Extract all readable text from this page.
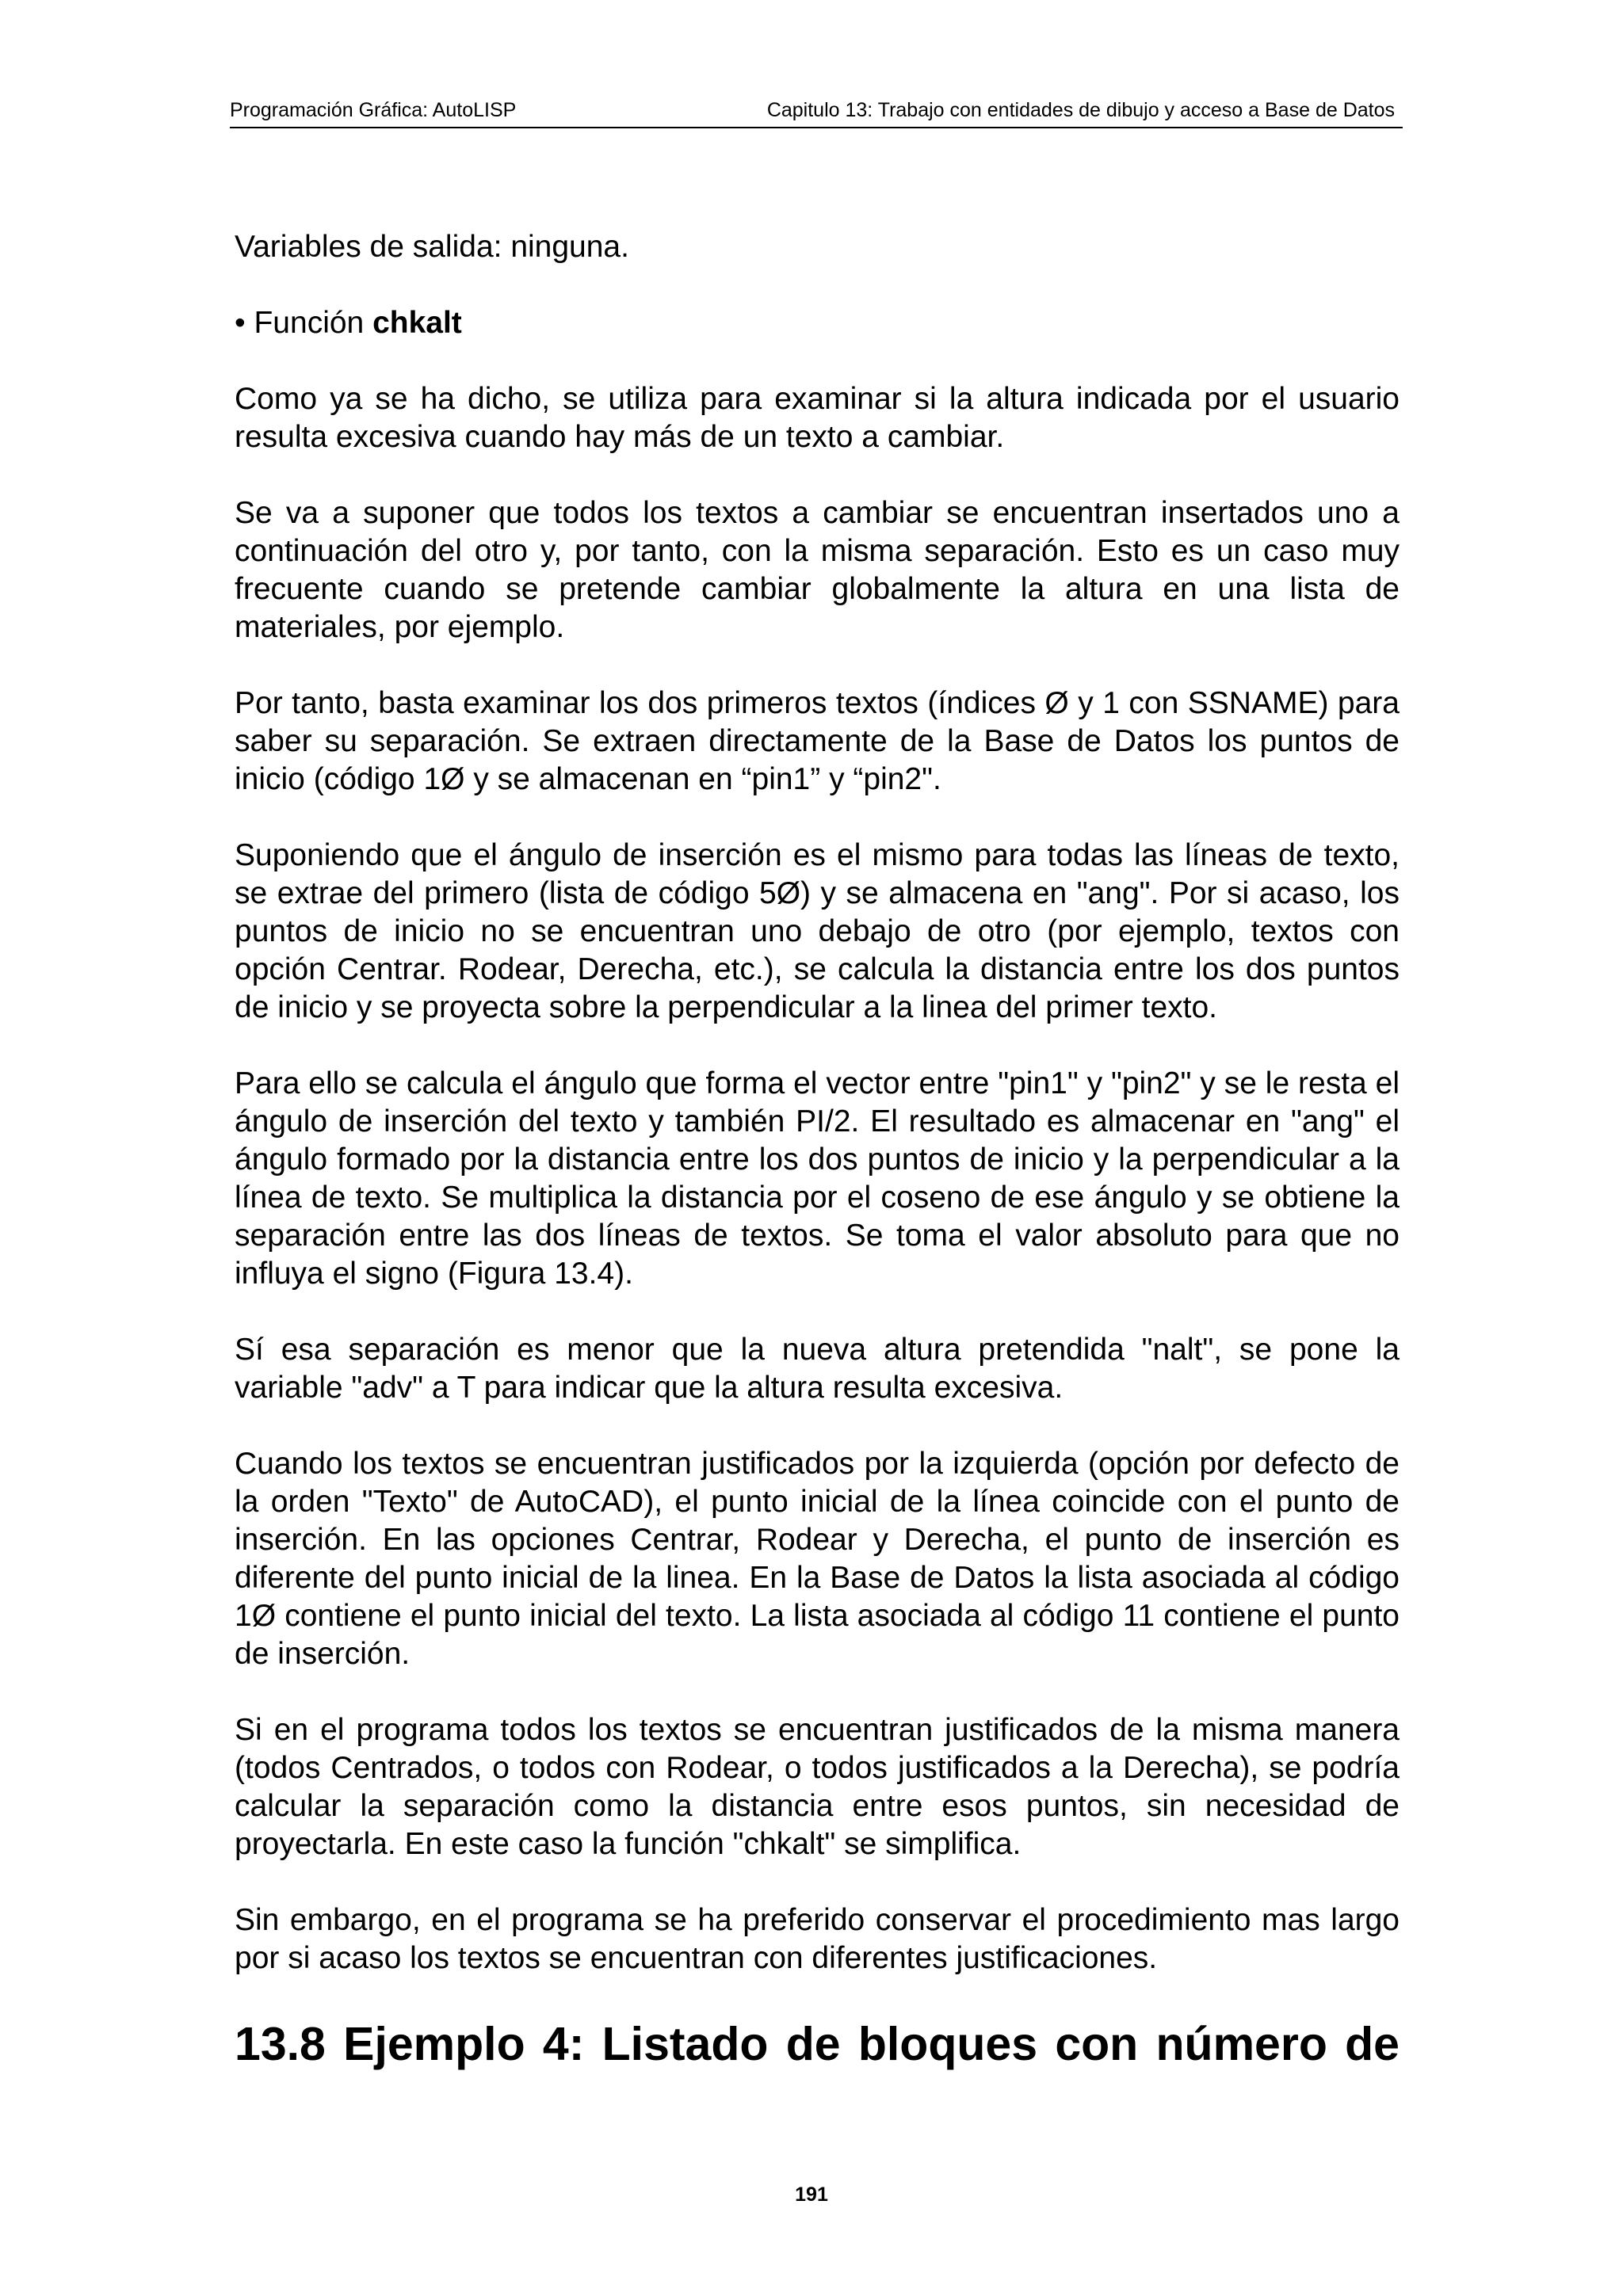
Programación Gráfica: AutoLISP	Capitulo 13: Trabajo con entidades de dibujo y acceso a Base de Datos

Variables de salida: ninguna.

• Función chkalt

Como ya se ha dicho, se utiliza para examinar si la altura indicada por el usuario resulta excesiva cuando hay más de un texto a cambiar.

Se va a suponer que todos los textos a cambiar se encuentran insertados uno a continuación del otro y, por tanto, con la misma separación. Esto es un caso muy frecuente cuando se pretende cambiar globalmente la altura en una lista de materiales, por ejemplo.

Por tanto, basta examinar los dos primeros textos (índices Ø y 1 con SSNAME) para saber su separación. Se extraen directamente de la Base de Datos los puntos de inicio (código 1Ø y se almacenan en “pin1” y “pin2".

Suponiendo que el ángulo de inserción es el mismo para todas las líneas de texto, se extrae del primero (lista de código 5Ø) y se almacena en "ang". Por si acaso, los puntos de inicio no se encuentran uno debajo de otro (por ejemplo, textos con opción Centrar. Rodear, Derecha, etc.), se calcula la distancia entre los dos puntos de inicio y se proyecta sobre la perpendicular a la linea del primer texto.

Para ello se calcula el ángulo que forma el vector entre "pin1" y "pin2" y se le resta el ángulo de inserción del texto y también PI/2. El resultado es almacenar en "ang" el ángulo formado por la distancia entre los dos puntos de inicio y la perpendicular a la línea de texto. Se multiplica la distancia por el coseno de ese ángulo y se obtiene la separación entre las dos líneas de textos. Se toma el valor absoluto para que no influya el signo (Figura 13.4).

Sí esa separación es menor que la nueva altura pretendida "nalt", se pone la variable "adv" a T para indicar que la altura resulta excesiva.

Cuando los textos se encuentran justificados por la izquierda (opción por defecto de la orden "Texto" de AutoCAD), el punto inicial de la línea coincide con el punto de inserción. En las opciones Centrar, Rodear y Derecha, el punto de inserción es diferente del punto inicial de la linea. En la Base de Datos la lista asociada al código 1Ø contiene el punto inicial del texto. La lista asociada al código 11 contiene el punto de inserción.

Si en el programa todos los textos se encuentran justificados de la misma manera (todos Centrados, o todos con Rodear, o todos justificados a la Derecha), se podría calcular la separación como la distancia entre esos puntos, sin necesidad de proyectarla. En este caso la función "chkalt" se simplifica.

Sin embargo, en el programa se ha preferido conservar el procedimiento mas largo por si acaso los textos se encuentran con diferentes justificaciones.

13.8 Ejemplo 4: Listado de bloques con número de
191
